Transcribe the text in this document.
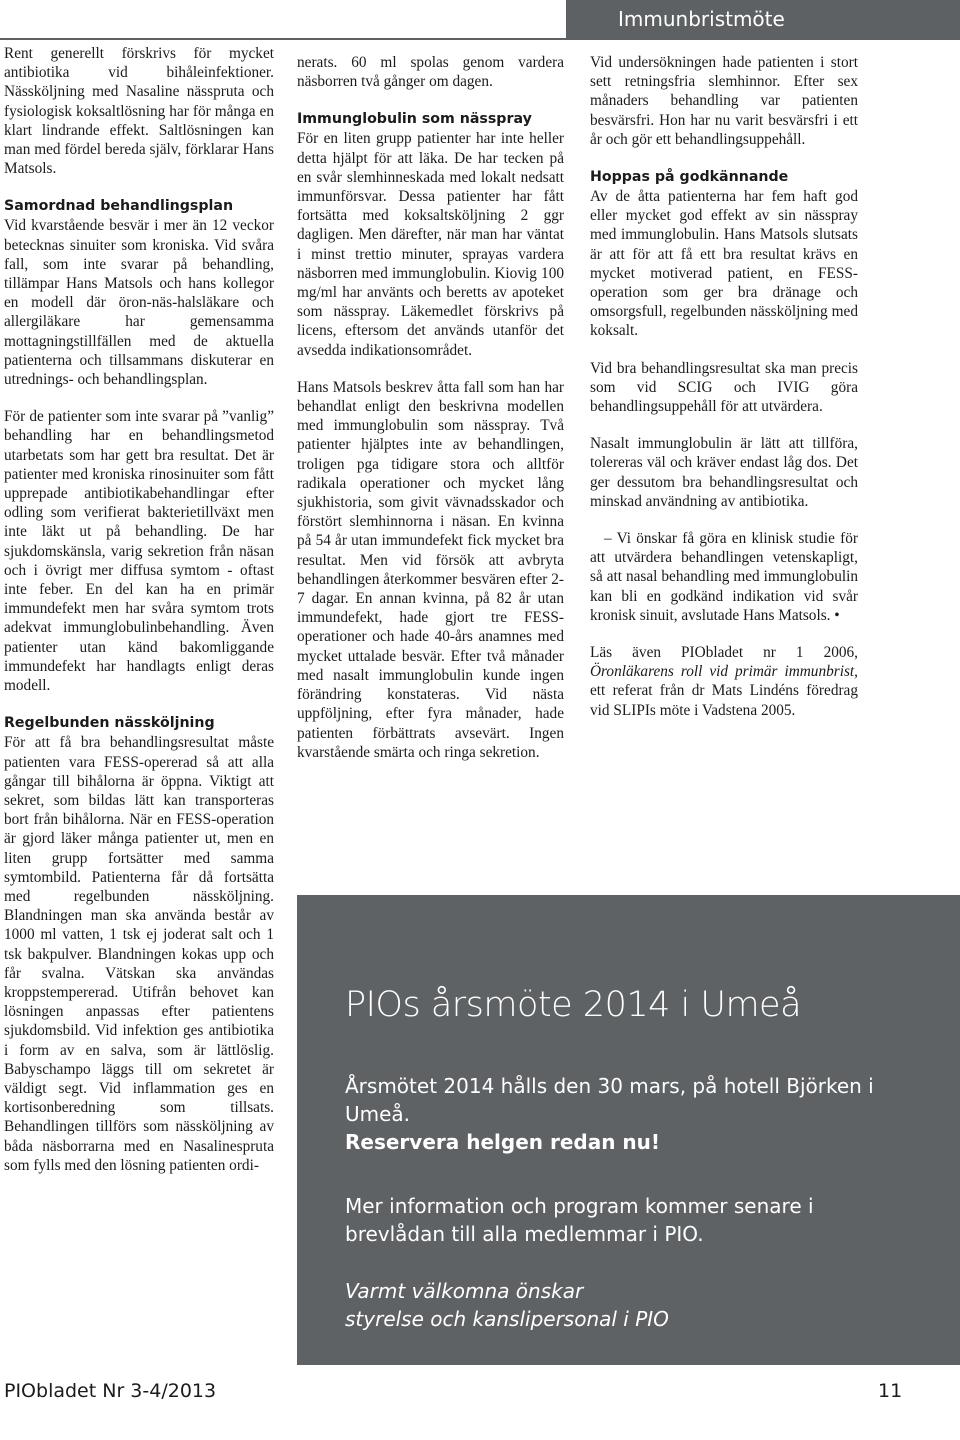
Immunbristmöte

Rent generellt förskrivs för mycket antibiotika vid bihåleinfektioner. Nässköljning med Nasaline nässpruta och fysiologisk koksaltlösning har för många en klart lindrande effekt. Saltlösningen kan man med fördel bereda själv, förklarar Hans Matsols.

Samordnad behandlingsplan

Vid kvarstående besvär i mer än 12 veckor betecknas sinuiter som kroniska. Vid svåra fall, som inte svarar på behandling, tillämpar Hans Matsols och hans kollegor en modell där öron-näs-halsläkare och allergiläkare har gemensamma mottagningstillfällen med de aktuella patienterna och tillsammans diskuterar en utrednings- och behandlingsplan.

För de patienter som inte svarar på ”vanlig” behandling har en behandlingsmetod utarbetats som har gett bra resultat. Det är patienter med kroniska rinosinuiter som fått upprepade antibiotikabehandlingar efter odling som verifierat bakterietillväxt men inte läkt ut på behandling. De har sjukdomskänsla, varig sekretion från näsan och i övrigt mer diffusa symtom - oftast inte feber. En del kan ha en primär immundefekt men har svåra symtom trots adekvat immunglobulinbehandling. Även patienter utan känd bakomliggande immundefekt har handlagts enligt deras modell.

Regelbunden nässköljning

För att få bra behandlingsresultat måste patienten vara FESS-opererad så att alla gångar till bihålorna är öppna. Viktigt att sekret, som bildas lätt kan transporteras bort från bihålorna. När en FESS-operation är gjord läker många patienter ut, men en liten grupp fortsätter med samma symtombild. Patienterna får då fortsätta med regelbunden nässköljning. Blandningen man ska använda består av 1000 ml vatten, 1 tsk ej joderat salt och 1 tsk bakpulver. Blandningen kokas upp och får svalna. Vätskan ska användas kroppstempererad. Utifrån behovet kan lösningen anpassas efter patientens sjukdomsbild. Vid infektion ges antibiotika i form av en salva, som är lättlöslig. Babyschampo läggs till om sekretet är väldigt segt. Vid inflammation ges en kortisonberedning som tillsats. Behandlingen tillförs som nässköljning av båda näsborrarna med en Nasalinespruta som fylls med den lösning patienten ordi-

nerats. 60 ml spolas genom vardera näsborren två gånger om dagen.

Immunglobulin som nässpray

För en liten grupp patienter har inte heller detta hjälpt för att läka. De har tecken på en svår slemhinneskada med lokalt nedsatt immunförsvar. Dessa patienter har fått fortsätta med koksaltsköljning 2 ggr dagligen. Men därefter, när man har väntat i minst trettio minuter, sprayas vardera näsborren med immunglobulin. Kiovig 100 mg/ml har använts och beretts av apoteket som nässpray. Läkemedlet förskrivs på licens, eftersom det används utanför det avsedda indikationsområdet.

Hans Matsols beskrev åtta fall som han har behandlat enligt den beskrivna modellen med immunglobulin som nässpray. Två patienter hjälptes inte av behandlingen, troligen pga tidigare stora och alltför radikala operationer och mycket lång sjukhistoria, som givit vävnadsskador och förstört slemhinnorna i näsan. En kvinna på 54 år utan immundefekt fick mycket bra resultat. Men vid försök att avbryta behandlingen återkommer besvären efter 2-7 dagar. En annan kvinna, på 82 år utan immundefekt, hade gjort tre FESS-operationer och hade 40-års anamnes med mycket uttalade besvär. Efter två månader med nasalt immunglobulin kunde ingen förändring konstateras. Vid nästa uppföljning, efter fyra månader, hade patienten förbättrats avsevärt. Ingen kvarstående smärta och ringa sekretion.

Vid undersökningen hade patienten i stort sett retningsfria slemhinnor. Efter sex månaders behandling var patienten besvärsfri. Hon har nu varit besvärsfri i ett år och gör ett behandlingsuppehåll.

Hoppas på godkännande

Av de åtta patienterna har fem haft god eller mycket god effekt av sin nässpray med immunglobulin. Hans Matsols slutsats är att för att få ett bra resultat krävs en mycket motiverad patient, en FESS-operation som ger bra dränage och omsorgsfull, regelbunden nässköljning med koksalt.

Vid bra behandlingsresultat ska man precis som vid SCIG och IVIG göra behandlingsuppehåll för att utvärdera.

Nasalt immunglobulin är lätt att tillföra, tolereras väl och kräver endast låg dos. Det ger dessutom bra behandlingsresultat och minskad användning av antibiotika.

– Vi önskar få göra en klinisk studie för att utvärdera behandlingen vetenskapligt, så att nasal behandling med immunglobulin kan bli en godkänd indikation vid svår kronisk sinuit, avslutade Hans Matsols. •

Läs även PIObladet nr 1 2006, Öronläkarens roll vid primär immunbrist, ett referat från dr Mats Lindéns föredrag vid SLIPIs möte i Vadstena 2005.

PIOs årsmöte 2014 i Umeå
Årsmötet 2014 hålls den 30 mars, på hotell Björken i Umeå.
Reservera helgen redan nu!
Mer information och program kommer senare i brevlådan till alla medlemmar i PIO.
Varmt välkomna önskar
styrelse och kanslipersonal i PIO
PIObladet Nr 3-4/2013	11
